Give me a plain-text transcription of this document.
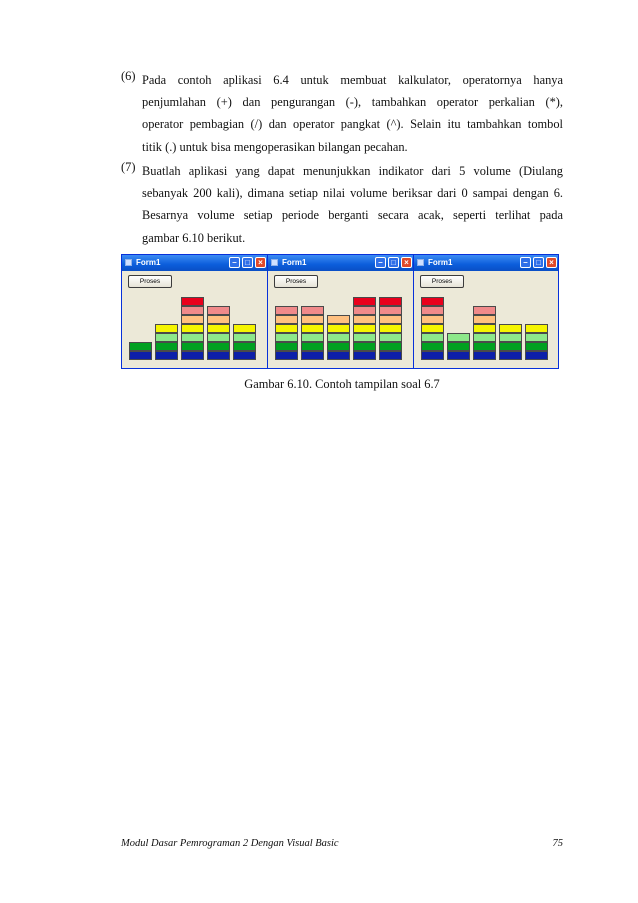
(6) Pada contoh aplikasi 6.4 untuk membuat kalkulator, operatornya hanya
penjumlahan (+) dan pengurangan (-), tambahkan operator perkalian (*),
operator pembagian (/) dan operator pangkat (^). Selain itu tambahkan tombol
titik (.) untuk bisa mengoperasikan bilangan pecahan.
(7) Buatlah aplikasi yang dapat menunjukkan indikator dari 5 volume (Diulang
sebanyak 200 kali), dimana setiap nilai volume beriksar dari 0 sampai dengan 6.
Besarnya volume setiap periode berganti secara acak, seperti terlihat pada
gambar 6.10 berikut.
Form1	–	□	×
Proses
Form1	–	□	×
Proses
Form1	–	□	×
Proses
Gambar 6.10. Contoh tampilan soal 6.7
Modul Dasar Pemrograman 2 Dengan Visual Basic	75
